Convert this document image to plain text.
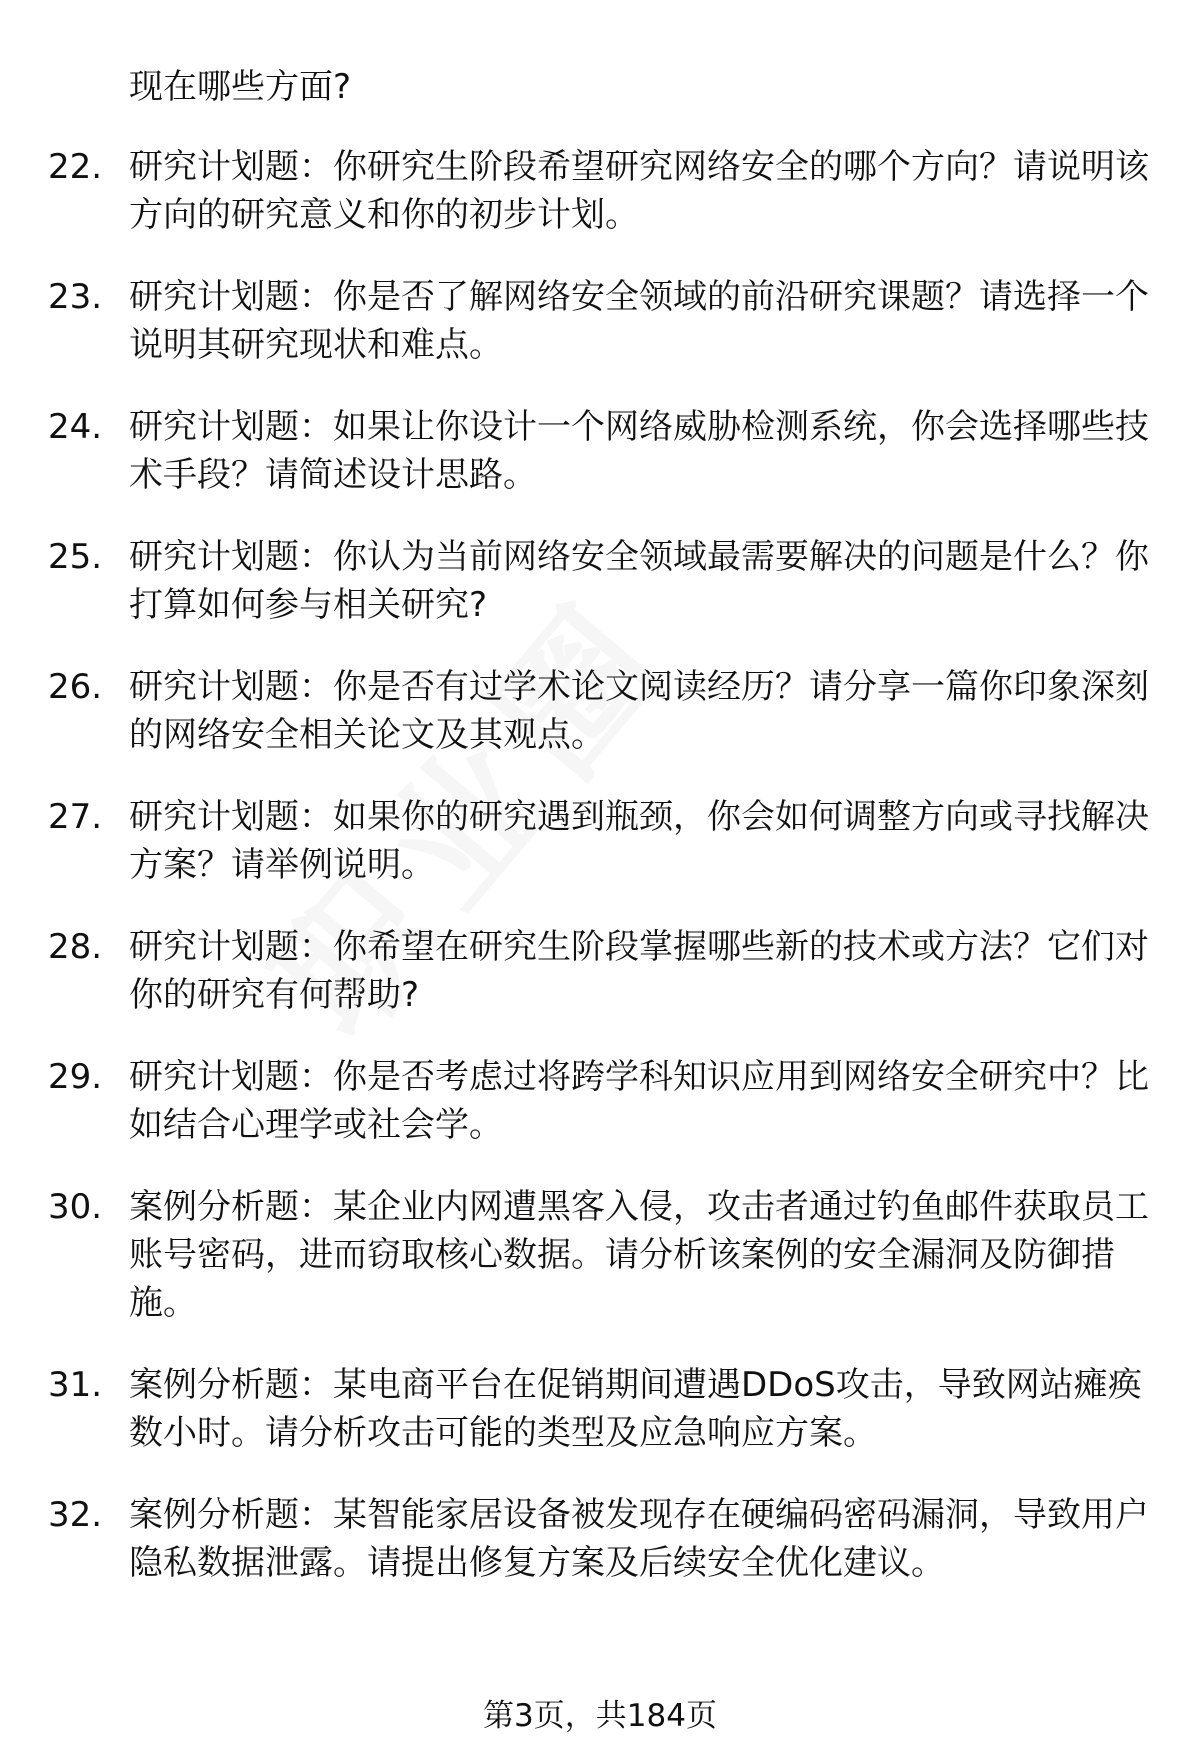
现在哪些方面?

22. 研究计划题：你研究生阶段希望研究网络安全的哪个方向？请说明该方向的研究意义和你的初步计划。
23. 研究计划题：你是否了解网络安全领域的前沿研究课题？请选择一个说明其研究现状和难点。
24. 研究计划题：如果让你设计一个网络威胁检测系统，你会选择哪些技术手段？请简述设计思路。
25. 研究计划题：你认为当前网络安全领域最需要解决的问题是什么？你打算如何参与相关研究?
26. 研究计划题：你是否有过学术论文阅读经历？请分享一篇你印象深刻的网络安全相关论文及其观点。
27. 研究计划题：如果你的研究遇到瓶颈，你会如何调整方向或寻找解决方案？请举例说明。
28. 研究计划题：你希望在研究生阶段掌握哪些新的技术或方法？它们对你的研究有何帮助?
29. 研究计划题：你是否考虑过将跨学科知识应用到网络安全研究中？比如结合心理学或社会学。
30. 案例分析题：某企业内网遭黑客入侵，攻击者通过钓鱼邮件获取员工账号密码，进而窃取核心数据。请分析该案例的安全漏洞及防御措施。
31. 案例分析题：某电商平台在促销期间遭遇DDoS攻击，导致网站瘫痪数小时。请分析攻击可能的类型及应急响应方案。
32. 案例分析题：某智能家居设备被发现存在硬编码密码漏洞，导致用户隐私数据泄露。请提出修复方案及后续安全优化建议。
第3页，共184页
